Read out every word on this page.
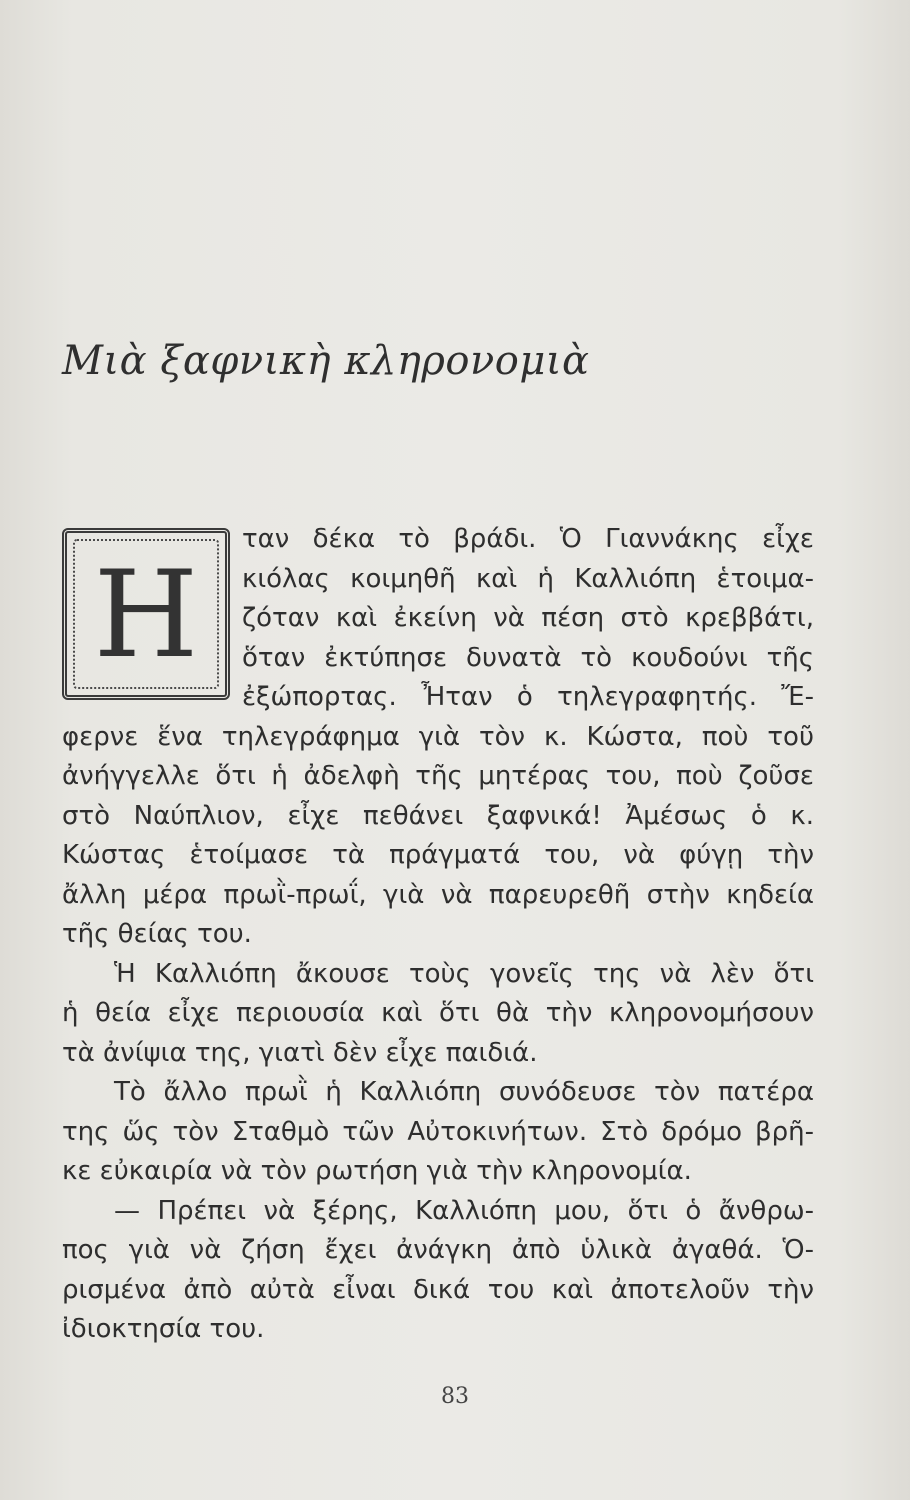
Μιὰ ξαφνικὴ κληρονομιὰ
Η
ταν δέκα τὸ βράδι. Ὁ Γιαννάκης εἶχε
κιόλας κοιμηθῆ καὶ ἡ Καλλιόπη ἑτοιμα-
ζόταν καὶ ἐκείνη νὰ πέση στὸ κρεββάτι,
ὅταν ἐκτύπησε δυνατὰ τὸ κουδούνι τῆς
ἐξώπορτας. Ἦταν ὁ τηλεγραφητής. Ἔ-
φερνε ἕνα τηλεγράφημα γιὰ τὸν κ. Κώστα, ποὺ τοῦ
ἀνήγγελλε ὅτι ἡ ἀδελφὴ τῆς μητέρας του, ποὺ ζοῦσε
στὸ Ναύπλιον, εἶχε πεθάνει ξαφνικά! Ἀμέσως ὁ κ.
Κώστας ἑτοίμασε τὰ πράγματά του, νὰ φύγῃ τὴν
ἄλλη μέρα πρωῒ-πρωΐ, γιὰ νὰ παρευρεθῆ στὴν κηδεία
τῆς θείας του.
Ἡ Καλλιόπη ἄκουσε τοὺς γονεῖς της νὰ λὲν ὅτι
ἡ θεία εἶχε περιουσία καὶ ὅτι θὰ τὴν κληρονομήσουν
τὰ ἀνίψια της, γιατὶ δὲν εἶχε παιδιά.
Τὸ ἄλλο πρωῒ ἡ Καλλιόπη συνόδευσε τὸν πατέρα
της ὥς τὸν Σταθμὸ τῶν Αὐτοκινήτων. Στὸ δρόμο βρῆ-
κε εὐκαιρία νὰ τὸν ρωτήση γιὰ τὴν κληρονομία.
— Πρέπει νὰ ξέρης, Καλλιόπη μου, ὅτι ὁ ἄνθρω-
πος γιὰ νὰ ζήση ἔχει ἀνάγκη ἀπὸ ὑλικὰ ἀγαθά. Ὁ-
ρισμένα ἀπὸ αὐτὰ εἶναι δικά του καὶ ἀποτελοῦν τὴν
ἰδιοκτησία του.
83
